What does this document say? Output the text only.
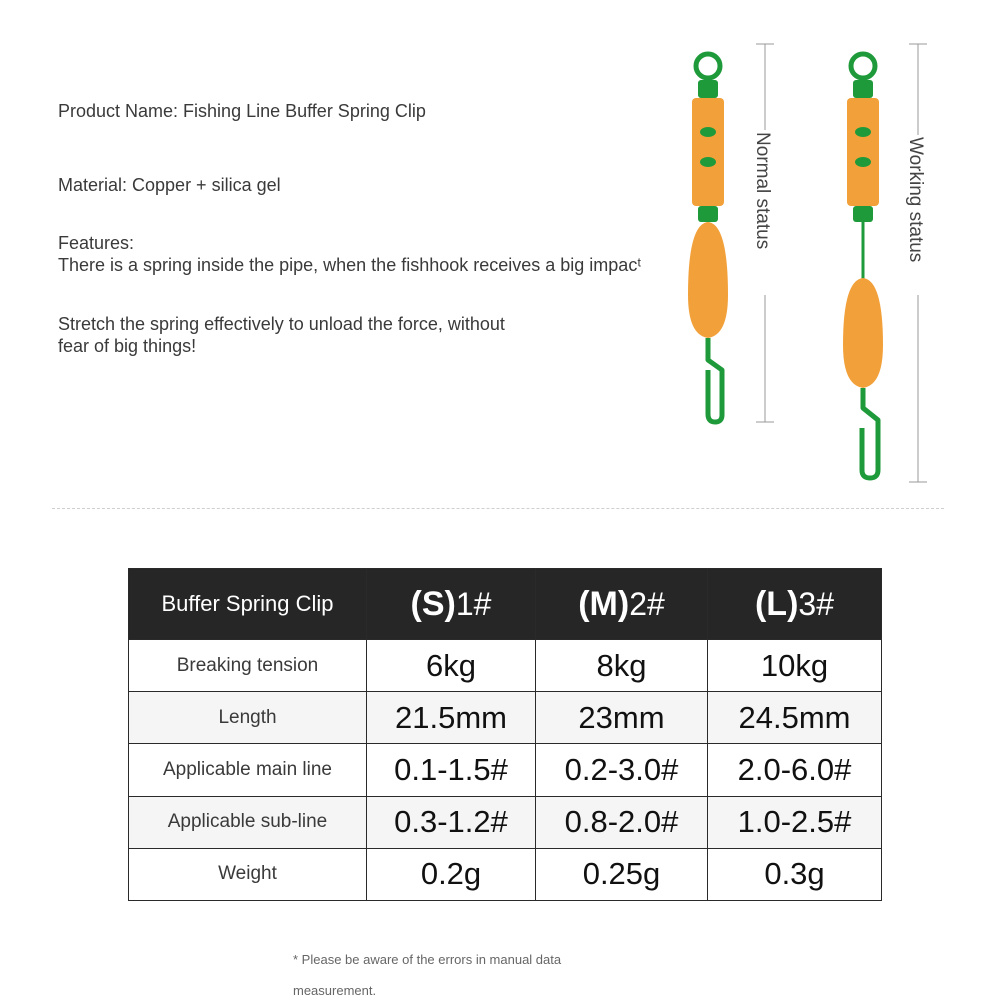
Product Name: Fishing Line Buffer Spring Clip

Material: Copper + silica gel

Features:

There is a spring inside the pipe, when the fishhook receives a big impacᵗ

Stretch the spring effectively to unload the force, without fear of big things!

Normal status	Working status
Buffer Spring Clip	(S)1#	(M)2#	(L)3#
Breaking tension	6kg	8kg	10kg
Length	21.5mm	23mm	24.5mm
Applicable main line	0.1-1.5#	0.2-3.0#	2.0-6.0#
Applicable sub-line	0.3-1.2#	0.8-2.0#	1.0-2.5#
Weight	0.2g	0.25g	0.3g
* Please be aware of the errors in manual data measurement.
